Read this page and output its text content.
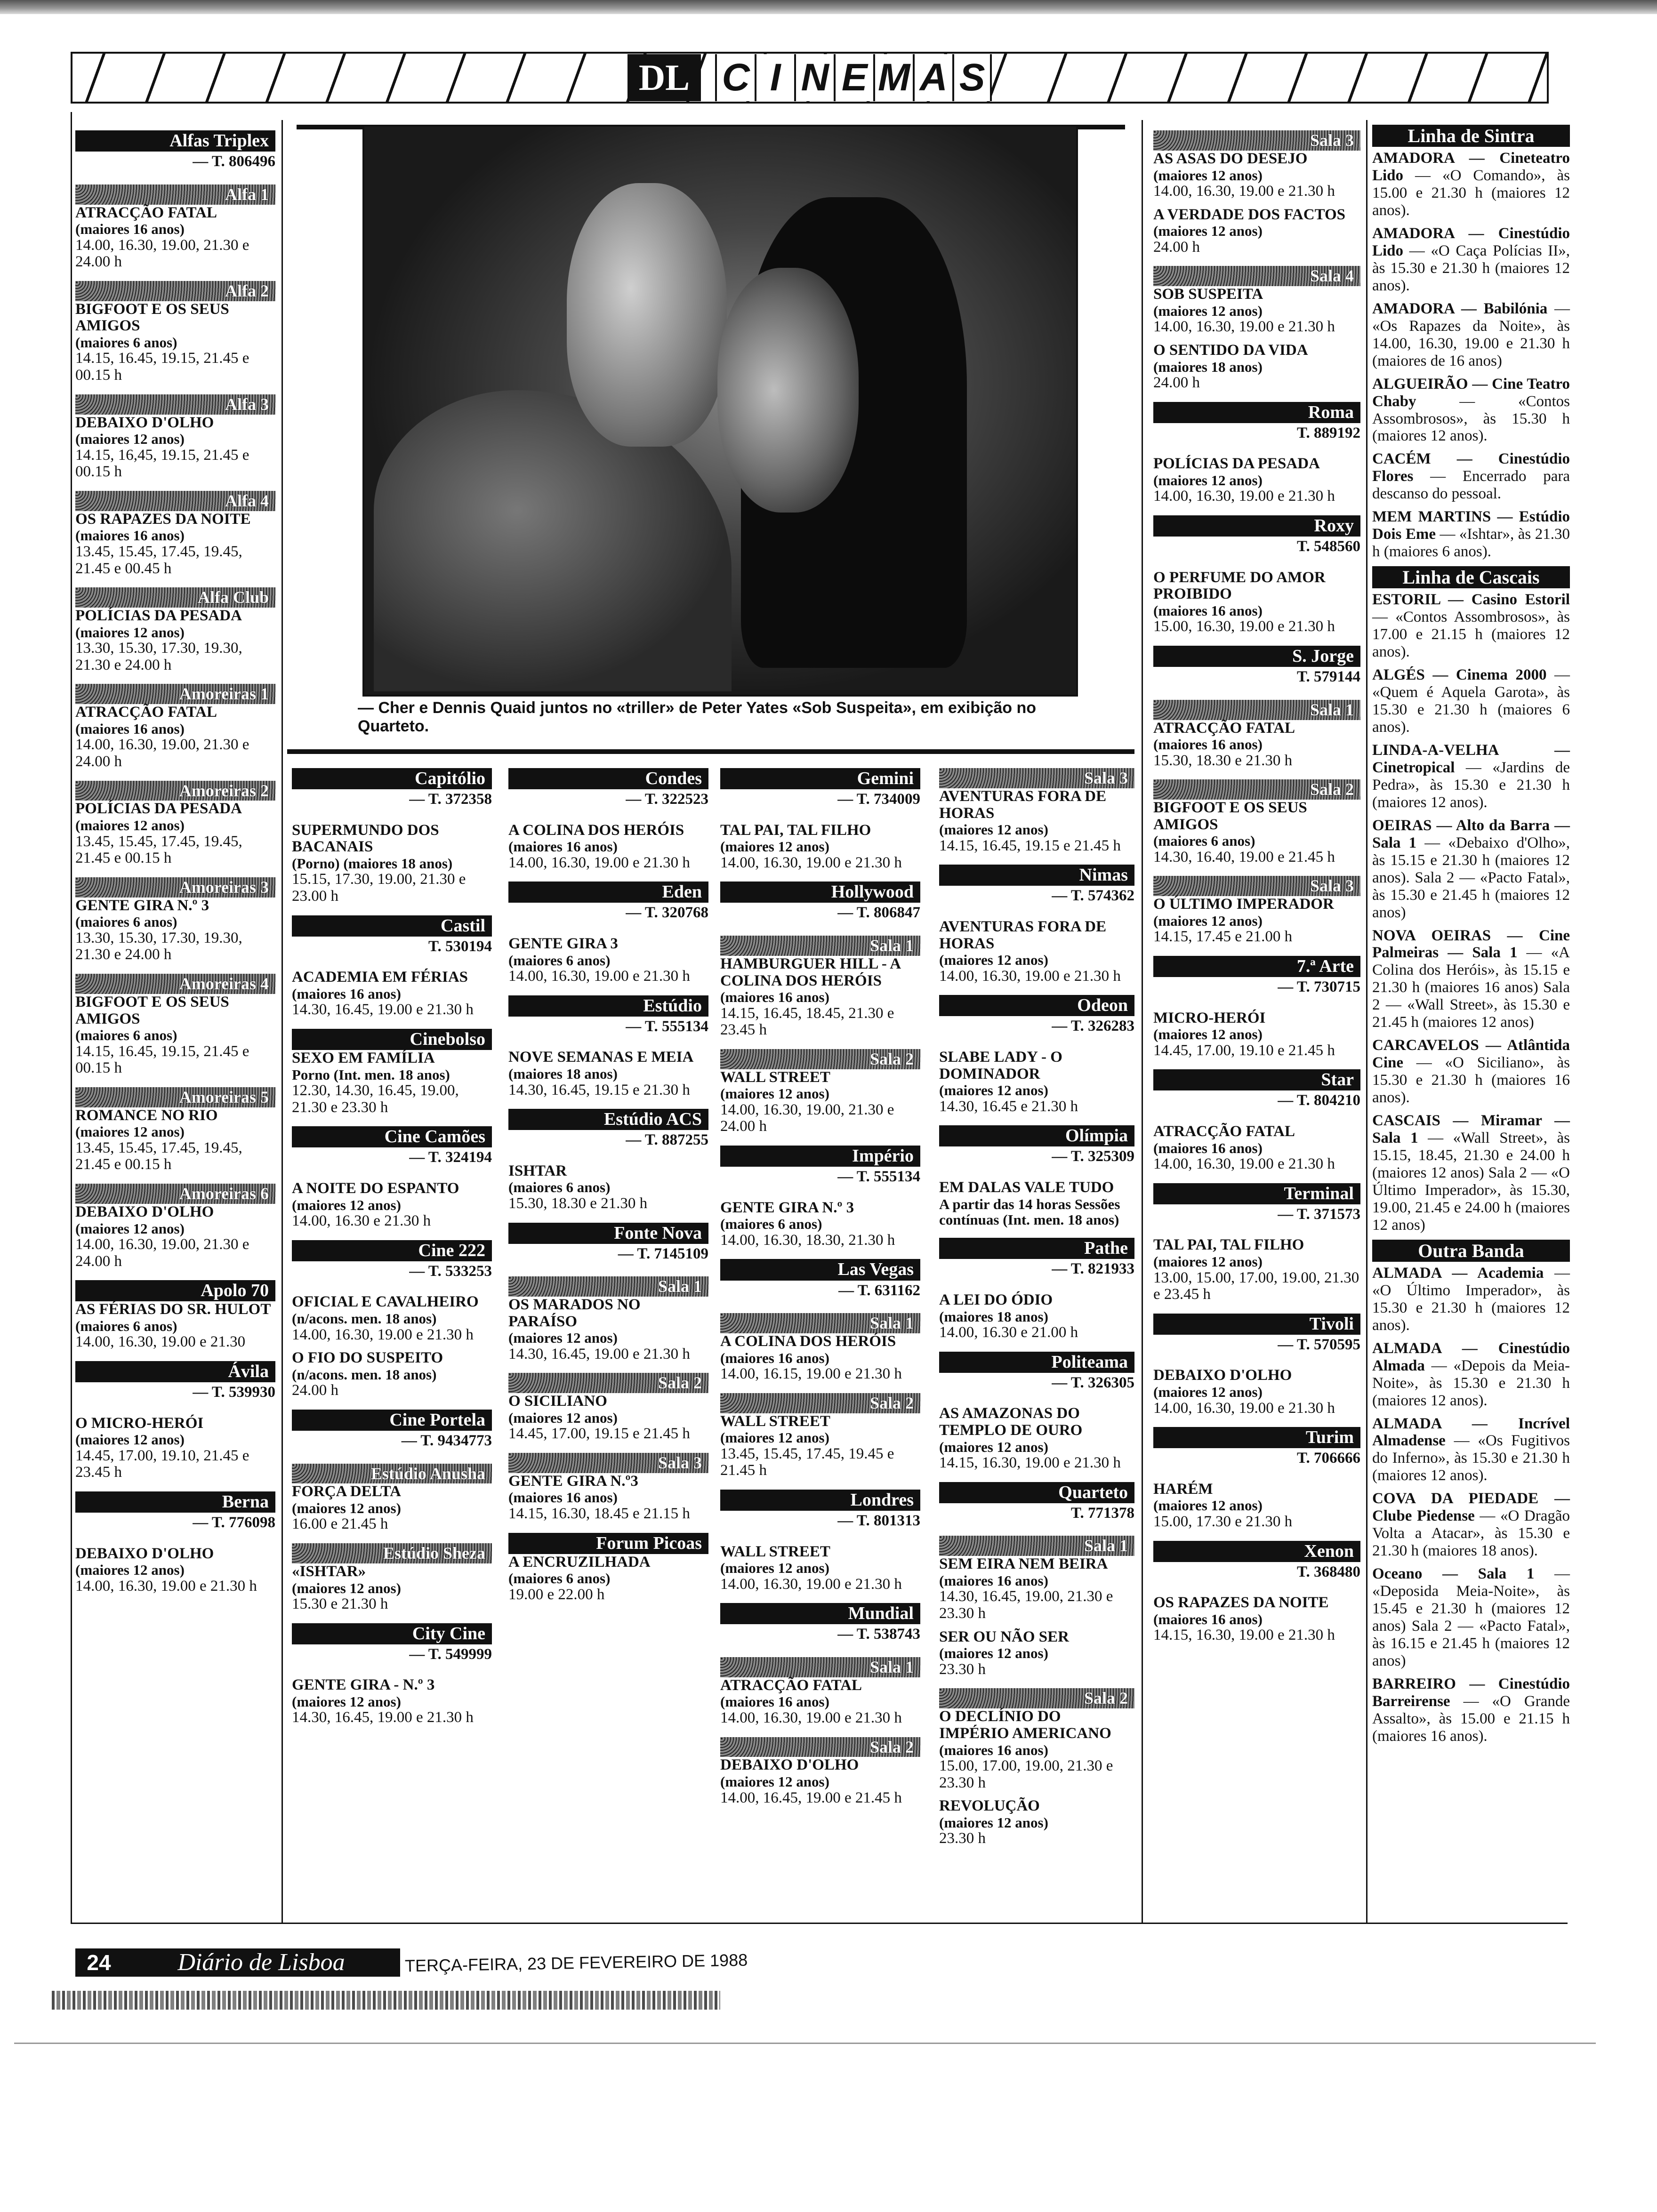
DL C I N E M A S
Alfas Triplex
— T. 806496
Alfa 1
ATRACÇÃO FATAL
(maiores 16 anos)
14.00, 16.30, 19.00, 21.30 e 24.00 h
Alfa 2
BIGFOOT E OS SEUS AMIGOS
(maiores 6 anos)
14.15, 16.45, 19.15, 21.45 e 00.15 h
Alfa 3
DEBAIXO D'OLHO
(maiores 12 anos)
14.15, 16,45, 19.15, 21.45 e 00.15 h
Alfa 4
OS RAPAZES DA NOITE
(maiores 16 anos)
13.45, 15.45, 17.45, 19.45, 21.45 e 00.45 h
Alfa Club
POLÍCIAS DA PESADA
(maiores 12 anos)
13.30, 15.30, 17.30, 19.30, 21.30 e 24.00 h
Amoreiras 1
ATRACÇÃO FATAL
(maiores 16 anos)
14.00, 16.30, 19.00, 21.30 e 24.00 h
Amoreiras 2
POLÍCIAS DA PESADA
(maiores 12 anos)
13.45, 15.45, 17.45, 19.45, 21.45 e 00.15 h
Amoreiras 3
GENTE GIRA N.º 3
(maiores 6 anos)
13.30, 15.30, 17.30, 19.30, 21.30 e 24.00 h
Amoreiras 4
BIGFOOT E OS SEUS AMIGOS
(maiores 6 anos)
14.15, 16.45, 19.15, 21.45 e 00.15 h
Amoreiras 5
ROMANCE NO RIO
(maiores 12 anos)
13.45, 15.45, 17.45, 19.45, 21.45 e 00.15 h
Amoreiras 6
DEBAIXO D'OLHO
(maiores 12 anos)
14.00, 16.30, 19.00, 21.30 e 24.00 h
Apolo 70
AS FÉRIAS DO SR. HULOT
(maiores 6 anos)
14.00, 16.30, 19.00 e 21.30
Ávila
— T. 539930
O MICRO-HERÓI
(maiores 12 anos)
14.45, 17.00, 19.10, 21.45 e 23.45 h
Berna
— T. 776098
DEBAIXO D'OLHO
(maiores 12 anos)
14.00, 16.30, 19.00 e 21.30 h
— Cher e Dennis Quaid juntos no «triller» de Peter Yates «Sob Suspeita», em exibição no Quarteto.
Capitólio
— T. 372358
SUPERMUNDO DOS BACANAIS
(Porno) (maiores 18 anos)
15.15, 17.30, 19.00, 21.30 e 23.00 h
Castil
T. 530194
ACADEMIA EM FÉRIAS
(maiores 16 anos)
14.30, 16.45, 19.00 e 21.30 h
Cinebolso
SEXO EM FAMÍLIA
Porno (Int. men. 18 anos)
12.30, 14.30, 16.45, 19.00, 21.30 e 23.30 h
Cine Camões
— T. 324194
A NOITE DO ESPANTO
(maiores 12 anos)
14.00, 16.30 e 21.30 h
Cine 222
— T. 533253
OFICIAL E CAVALHEIRO
(n/acons. men. 18 anos)
14.00, 16.30, 19.00 e 21.30 h
O FIO DO SUSPEITO
(n/acons. men. 18 anos)
24.00 h
Cine Portela
— T. 9434773
Estúdio Anusha
FORÇA DELTA
(maiores 12 anos)
16.00 e 21.45 h
Estúdio Sheza
«ISHTAR»
(maiores 12 anos)
15.30 e 21.30 h
City Cine
— T. 549999
GENTE GIRA - N.º 3
(maiores 12 anos)
14.30, 16.45, 19.00 e 21.30 h
Condes
— T. 322523
A COLINA DOS HERÓIS
(maiores 16 anos)
14.00, 16.30, 19.00 e 21.30 h
Eden
— T. 320768
GENTE GIRA 3
(maiores 6 anos)
14.00, 16.30, 19.00 e 21.30 h
Estúdio
— T. 555134
NOVE SEMANAS E MEIA
(maiores 18 anos)
14.30, 16.45, 19.15 e 21.30 h
Estúdio ACS
— T. 887255
ISHTAR
(maiores 6 anos)
15.30, 18.30 e 21.30 h
Fonte Nova
— T. 7145109
Sala 1
OS MARADOS NO PARAÍSO
(maiores 12 anos)
14.30, 16.45, 19.00 e 21.30 h
Sala 2
O SICILIANO
(maiores 12 anos)
14.45, 17.00, 19.15 e 21.45 h
Sala 3
GENTE GIRA N.º3
(maiores 16 anos)
14.15, 16.30, 18.45 e 21.15 h
Forum Picoas
A ENCRUZILHADA
(maiores 6 anos)
19.00 e 22.00 h
Gemini
— T. 734009
TAL PAI, TAL FILHO
(maiores 12 anos)
14.00, 16.30, 19.00 e 21.30 h
Hollywood
— T. 806847
Sala 1
HAMBURGUER HILL - A COLINA DOS HERÓIS
(maiores 16 anos)
14.15, 16.45, 18.45, 21.30 e 23.45 h
Sala 2
WALL STREET
(maiores 12 anos)
14.00, 16.30, 19.00, 21.30 e 24.00 h
Império
— T. 555134
GENTE GIRA N.º 3
(maiores 6 anos)
14.00, 16.30, 18.30, 21.30 h
Las Vegas
— T. 631162
Sala 1
A COLINA DOS HERÓIS
(maiores 16 anos)
14.00, 16.15, 19.00 e 21.30 h
Sala 2
WALL STREET
(maiores 12 anos)
13.45, 15.45, 17.45, 19.45 e 21.45 h
Londres
— T. 801313
WALL STREET
(maiores 12 anos)
14.00, 16.30, 19.00 e 21.30 h
Mundial
— T. 538743
Sala 1
ATRACÇÃO FATAL
(maiores 16 anos)
14.00, 16.30, 19.00 e 21.30 h
Sala 2
DEBAIXO D'OLHO
(maiores 12 anos)
14.00, 16.45, 19.00 e 21.45 h
Sala 3
AVENTURAS FORA DE HORAS
(maiores 12 anos)
14.15, 16.45, 19.15 e 21.45 h
Nimas
— T. 574362
AVENTURAS FORA DE HORAS
(maiores 12 anos)
14.00, 16.30, 19.00 e 21.30 h
Odeon
— T. 326283
SLABE LADY - O DOMINADOR
(maiores 12 anos)
14.30, 16.45 e 21.30 h
Olímpia
— T. 325309
EM DALAS VALE TUDO
A partir das 14 horas Sessões contínuas (Int. men. 18 anos)
Pathe
— T. 821933
A LEI DO ÓDIO
(maiores 18 anos)
14.00, 16.30 e 21.00 h
Politeama
— T. 326305
AS AMAZONAS DO TEMPLO DE OURO
(maiores 12 anos)
14.15, 16.30, 19.00 e 21.30 h
Quarteto
T. 771378
Sala 1
SEM EIRA NEM BEIRA
(maiores 16 anos)
14.30, 16.45, 19.00, 21.30 e 23.30 h
SER OU NÃO SER
(maiores 12 anos)
23.30 h
Sala 2
O DECLÍNIO DO IMPÉRIO AMERICANO
(maiores 16 anos)
15.00, 17.00, 19.00, 21.30 e 23.30 h
REVOLUÇÃO
(maiores 12 anos)
23.30 h
Sala 3
AS ASAS DO DESEJO
(maiores 12 anos)
14.00, 16.30, 19.00 e 21.30 h
A VERDADE DOS FACTOS
(maiores 12 anos)
24.00 h
Sala 4
SOB SUSPEITA
(maiores 12 anos)
14.00, 16.30, 19.00 e 21.30 h
O SENTIDO DA VIDA
(maiores 18 anos)
24.00 h
Roma
T. 889192
POLÍCIAS DA PESADA
(maiores 12 anos)
14.00, 16.30, 19.00 e 21.30 h
Roxy
T. 548560
O PERFUME DO AMOR PROIBIDO
(maiores 16 anos)
15.00, 16.30, 19.00 e 21.30 h
S. Jorge
T. 579144
Sala 1
ATRACÇÃO FATAL
(maiores 16 anos)
15.30, 18.30 e 21.30 h
Sala 2
BIGFOOT E OS SEUS AMIGOS
(maiores 6 anos)
14.30, 16.40, 19.00 e 21.45 h
Sala 3
O ÚLTIMO IMPERADOR
(maiores 12 anos)
14.15, 17.45 e 21.00 h
7.ª Arte
— T. 730715
MICRO-HERÓI
(maiores 12 anos)
14.45, 17.00, 19.10 e 21.45 h
Star
— T. 804210
ATRACÇÃO FATAL
(maiores 16 anos)
14.00, 16.30, 19.00 e 21.30 h
Terminal
— T. 371573
TAL PAI, TAL FILHO
(maiores 12 anos)
13.00, 15.00, 17.00, 19.00, 21.30 e 23.45 h
Tivoli
— T. 570595
DEBAIXO D'OLHO
(maiores 12 anos)
14.00, 16.30, 19.00 e 21.30 h
Turim
T. 706666
HARÉM
(maiores 12 anos)
15.00, 17.30 e 21.30 h
Xenon
T. 368480
OS RAPAZES DA NOITE
(maiores 16 anos)
14.15, 16.30, 19.00 e 21.30 h
Linha de Sintra
AMADORA — Cineteatro Lido — «O Comando», às 15.00 e 21.30 h (maiores 12 anos).
AMADORA — Cinestúdio Lido — «O Caça Polícias II», às 15.30 e 21.30 h (maiores 12 anos).
AMADORA — Babilónia — «Os Rapazes da Noite», às 14.00, 16.30, 19.00 e 21.30 h (maiores de 16 anos)
ALGUEIRÃO — Cine Teatro Chaby — «Contos Assombrosos», às 15.30 h (maiores 12 anos).
CACÉM — Cinestúdio Flores — Encerrado para descanso do pessoal.
MEM MARTINS — Estúdio Dois Eme — «Ishtar», às 21.30 h (maiores 6 anos).
Linha de Cascais
ESTORIL — Casino Estoril — «Contos Assombrosos», às 17.00 e 21.15 h (maiores 12 anos).
ALGÉS — Cinema 2000 — «Quem é Aquela Garota», às 15.30 e 21.30 h (maiores 6 anos).
LINDA-A-VELHA — Cinetropical — «Jardins de Pedra», às 15.30 e 21.30 h (maiores 12 anos).
OEIRAS — Alto da Barra — Sala 1 — «Debaixo d'Olho», às 15.15 e 21.30 h (maiores 12 anos). Sala 2 — «Pacto Fatal», às 15.30 e 21.45 h (maiores 12 anos)
NOVA OEIRAS — Cine Palmeiras — Sala 1 — «A Colina dos Heróis», às 15.15 e 21.30 h (maiores 16 anos) Sala 2 — «Wall Street», às 15.30 e 21.45 h (maiores 12 anos)
CARCAVELOS — Atlântida Cine — «O Siciliano», às 15.30 e 21.30 h (maiores 16 anos).
CASCAIS — Miramar — Sala 1 — «Wall Street», às 15.15, 18.45, 21.30 e 24.00 h (maiores 12 anos) Sala 2 — «O Último Imperador», às 15.30, 19.00, 21.45 e 24.00 h (maiores 12 anos)
Outra Banda
ALMADA — Academia — «O Último Imperador», às 15.30 e 21.30 h (maiores 12 anos).
ALMADA — Cinestúdio Almada — «Depois da Meia-Noite», às 15.30 e 21.30 h (maiores 12 anos).
ALMADA — Incrível Almadense — «Os Fugitivos do Inferno», às 15.30 e 21.30 h (maiores 12 anos).
COVA DA PIEDADE — Clube Piedense — «O Dragão Volta a Atacar», às 15.30 e 21.30 h (maiores 18 anos).
Oceano — Sala 1 — «Deposida Meia-Noite», às 15.45 e 21.30 h (maiores 12 anos) Sala 2 — «Pacto Fatal», às 16.15 e 21.45 h (maiores 12 anos)
BARREIRO — Cinestúdio Barreirense — «O Grande Assalto», às 15.00 e 21.15 h (maiores 16 anos).
24	Diário de Lisboa	TERÇA-FEIRA, 23 DE FEVEREIRO DE 1988
